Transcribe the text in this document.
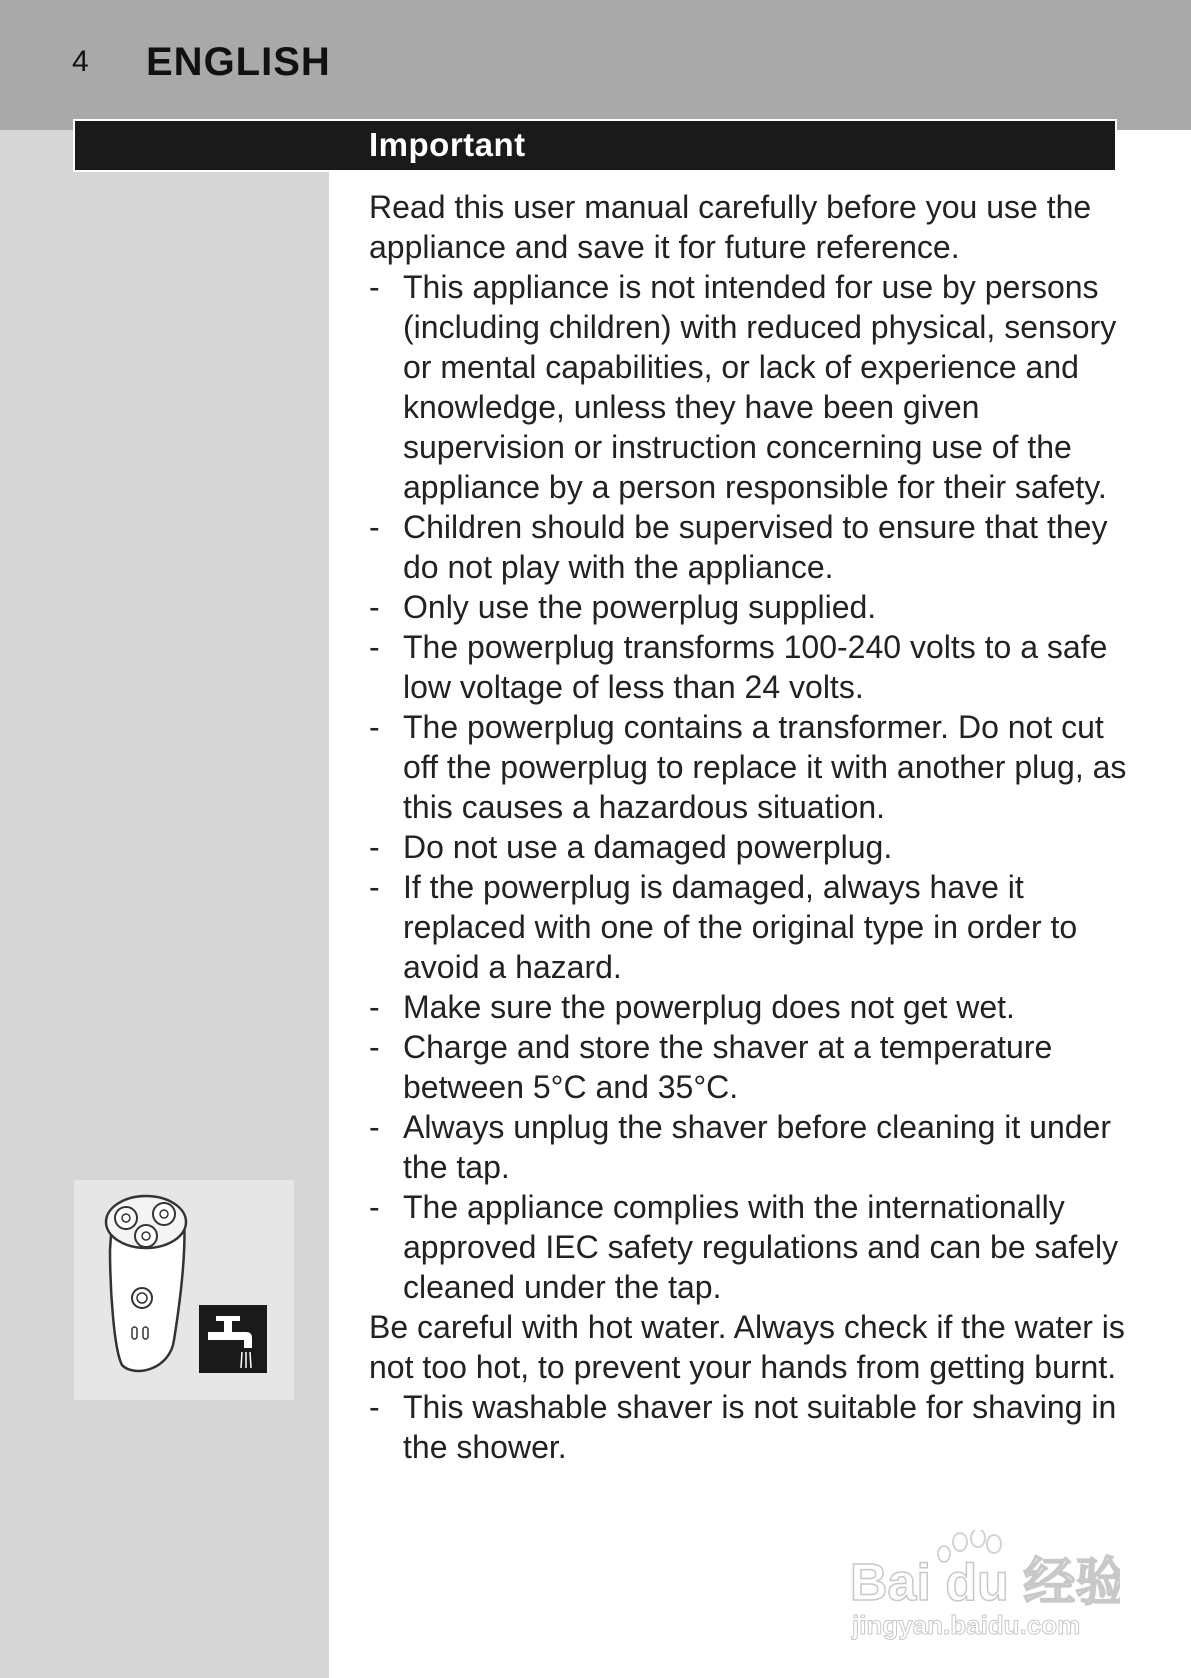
4 ENGLISH
Important

Read this user manual carefully before you use the appliance and save it for future reference.

- This appliance is not intended for use by persons (including children) with reduced physical, sensory or mental capabilities, or lack of experience and knowledge, unless they have been given supervision or instruction concerning use of the appliance by a person responsible for their safety.
- Children should be supervised to ensure that they do not play with the appliance.
- Only use the powerplug supplied.
- The powerplug transforms 100-240 volts to a safe low voltage of less than 24 volts.
- The powerplug contains a transformer. Do not cut off the powerplug to replace it with another plug, as this causes a hazardous situation.
- Do not use a damaged powerplug.
- If the powerplug is damaged, always have it replaced with one of the original type in order to avoid a hazard.
- Make sure the powerplug does not get wet.
- Charge and store the shaver at a temperature between 5°C and 35°C.
- Always unplug the shaver before cleaning it under the tap.
- The appliance complies with the internationally approved IEC safety regulations and can be safely cleaned under the tap.

Be careful with hot water. Always check if the water is not too hot, to prevent your hands from getting burnt.

- This washable shaver is not suitable for shaving in the shower.
Bai du 经验
jingyan.baidu.com
